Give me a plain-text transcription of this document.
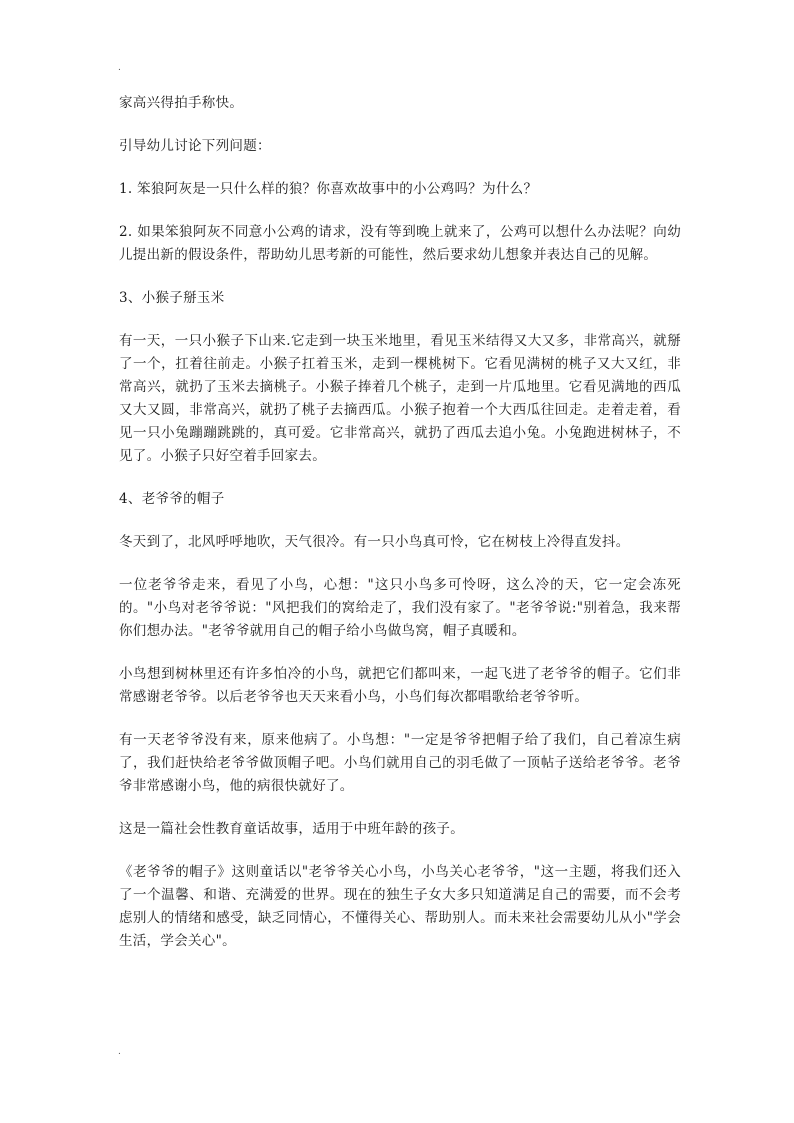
.

家高兴得拍手称快。

引导幼儿讨论下列问题：

1. 笨狼阿灰是一只什么样的狼？你喜欢故事中的小公鸡吗？为什么？

2. 如果笨狼阿灰不同意小公鸡的请求，没有等到晚上就来了，公鸡可以想什么办法呢？向幼儿提出新的假设条件，帮助幼儿思考新的可能性，然后要求幼儿想象并表达自己的见解。

3、小猴子掰玉米

有一天，一只小猴子下山来.它走到一块玉米地里，看见玉米结得又大又多，非常高兴，就掰了一个，扛着往前走。小猴子扛着玉米，走到一棵桃树下。它看见满树的桃子又大又红，非常高兴，就扔了玉米去摘桃子。小猴子捧着几个桃子，走到一片瓜地里。它看见满地的西瓜又大又圆，非常高兴，就扔了桃子去摘西瓜。小猴子抱着一个大西瓜往回走。走着走着，看见一只小兔蹦蹦跳跳的，真可爱。它非常高兴，就扔了西瓜去追小兔。小兔跑进树林子，不见了。小猴子只好空着手回家去。

4、老爷爷的帽子

冬天到了，北风呼呼地吹，天气很冷。有一只小鸟真可怜，它在树枝上冷得直发抖。

一位老爷爷走来，看见了小鸟，心想："这只小鸟多可怜呀，这么冷的天，它一定会冻死的。"小鸟对老爷爷说："风把我们的窝给走了，我们没有家了。"老爷爷说:"别着急，我来帮你们想办法。"老爷爷就用自己的帽子给小鸟做鸟窝，帽子真暖和。

小鸟想到树林里还有许多怕冷的小鸟，就把它们都叫来，一起飞进了老爷爷的帽子。它们非常感谢老爷爷。以后老爷爷也天天来看小鸟，小鸟们每次都唱歌给老爷爷听。

有一天老爷爷没有来，原来他病了。小鸟想："一定是爷爷把帽子给了我们，自己着凉生病了，我们赶快给老爷爷做顶帽子吧。小鸟们就用自己的羽毛做了一顶帖子送给老爷爷。老爷爷非常感谢小鸟，他的病很快就好了。

这是一篇社会性教育童话故事，适用于中班年龄的孩子。

《老爷爷的帽子》这则童话以"老爷爷关心小鸟，小鸟关心老爷爷，"这一主题，将我们还入了一个温馨、和谐、充满爱的世界。现在的独生子女大多只知道满足自己的需要，而不会考虑别人的情绪和感受，缺乏同情心，不懂得关心、帮助别人。而未来社会需要幼儿从小"学会生活，学会关心"。

.
